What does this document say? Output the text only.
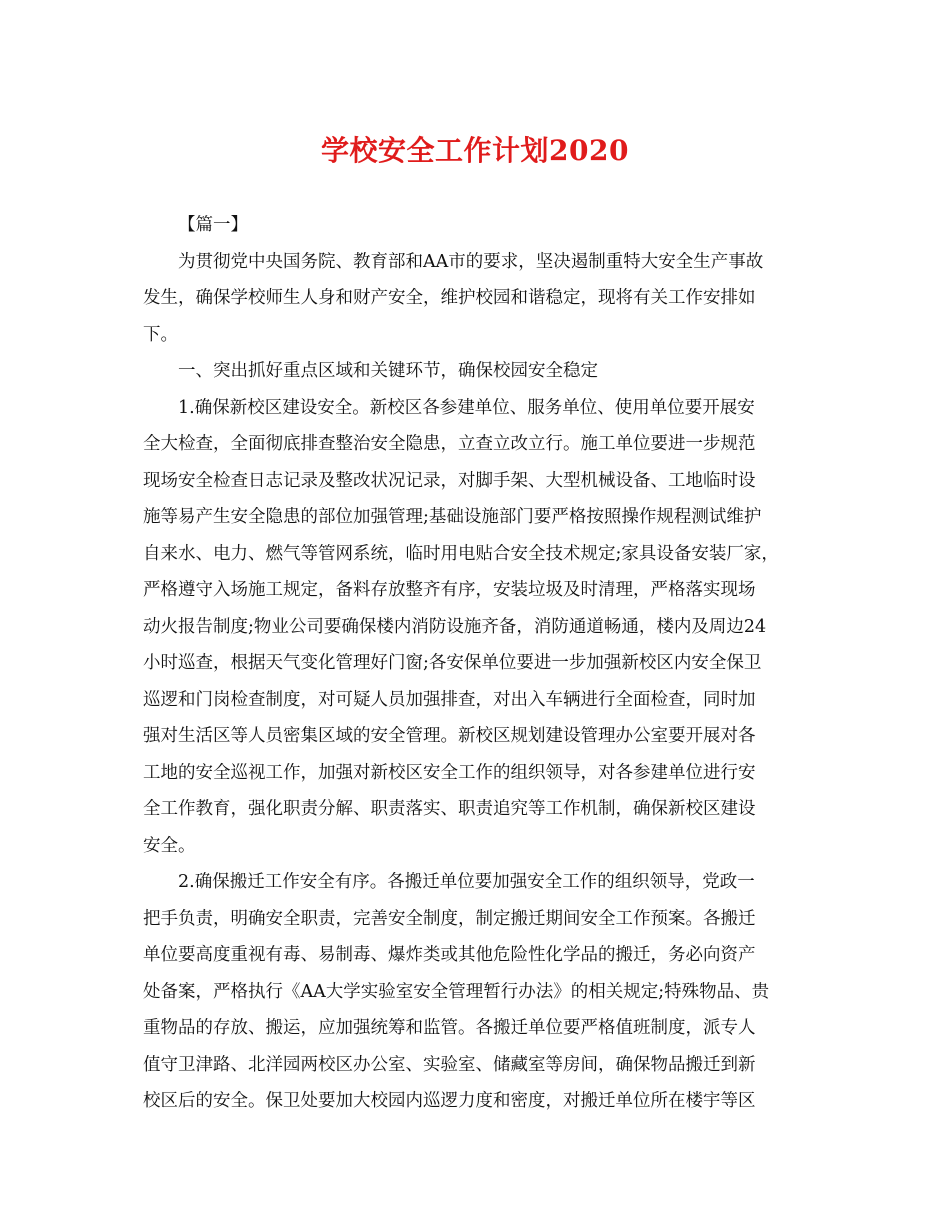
学校安全工作计划2020
【篇一】
为贯彻党中央国务院、教育部和AA市的要求，坚决遏制重特大安全生产事故
发生，确保学校师生人身和财产安全，维护校园和谐稳定，现将有关工作安排如
下。
一、突出抓好重点区域和关键环节，确保校园安全稳定
1.确保新校区建设安全。新校区各参建单位、服务单位、使用单位要开展安
全大检查，全面彻底排查整治安全隐患，立查立改立行。施工单位要进一步规范
现场安全检查日志记录及整改状况记录，对脚手架、大型机械设备、工地临时设
施等易产生安全隐患的部位加强管理;基础设施部门要严格按照操作规程测试维护
自来水、电力、燃气等管网系统，临时用电贴合安全技术规定;家具设备安装厂家，
严格遵守入场施工规定，备料存放整齐有序，安装垃圾及时清理，严格落实现场
动火报告制度;物业公司要确保楼内消防设施齐备，消防通道畅通，楼内及周边24
小时巡查，根据天气变化管理好门窗;各安保单位要进一步加强新校区内安全保卫
巡逻和门岗检查制度，对可疑人员加强排查，对出入车辆进行全面检查，同时加
强对生活区等人员密集区域的安全管理。新校区规划建设管理办公室要开展对各
工地的安全巡视工作，加强对新校区安全工作的组织领导，对各参建单位进行安
全工作教育，强化职责分解、职责落实、职责追究等工作机制，确保新校区建设
安全。
2.确保搬迁工作安全有序。各搬迁单位要加强安全工作的组织领导，党政一
把手负责，明确安全职责，完善安全制度，制定搬迁期间安全工作预案。各搬迁
单位要高度重视有毒、易制毒、爆炸类或其他危险性化学品的搬迁，务必向资产
处备案，严格执行《AA大学实验室安全管理暂行办法》的相关规定;特殊物品、贵
重物品的存放、搬运，应加强统筹和监管。各搬迁单位要严格值班制度，派专人
值守卫津路、北洋园两校区办公室、实验室、储藏室等房间，确保物品搬迁到新
校区后的安全。保卫处要加大校园内巡逻力度和密度，对搬迁单位所在楼宇等区
